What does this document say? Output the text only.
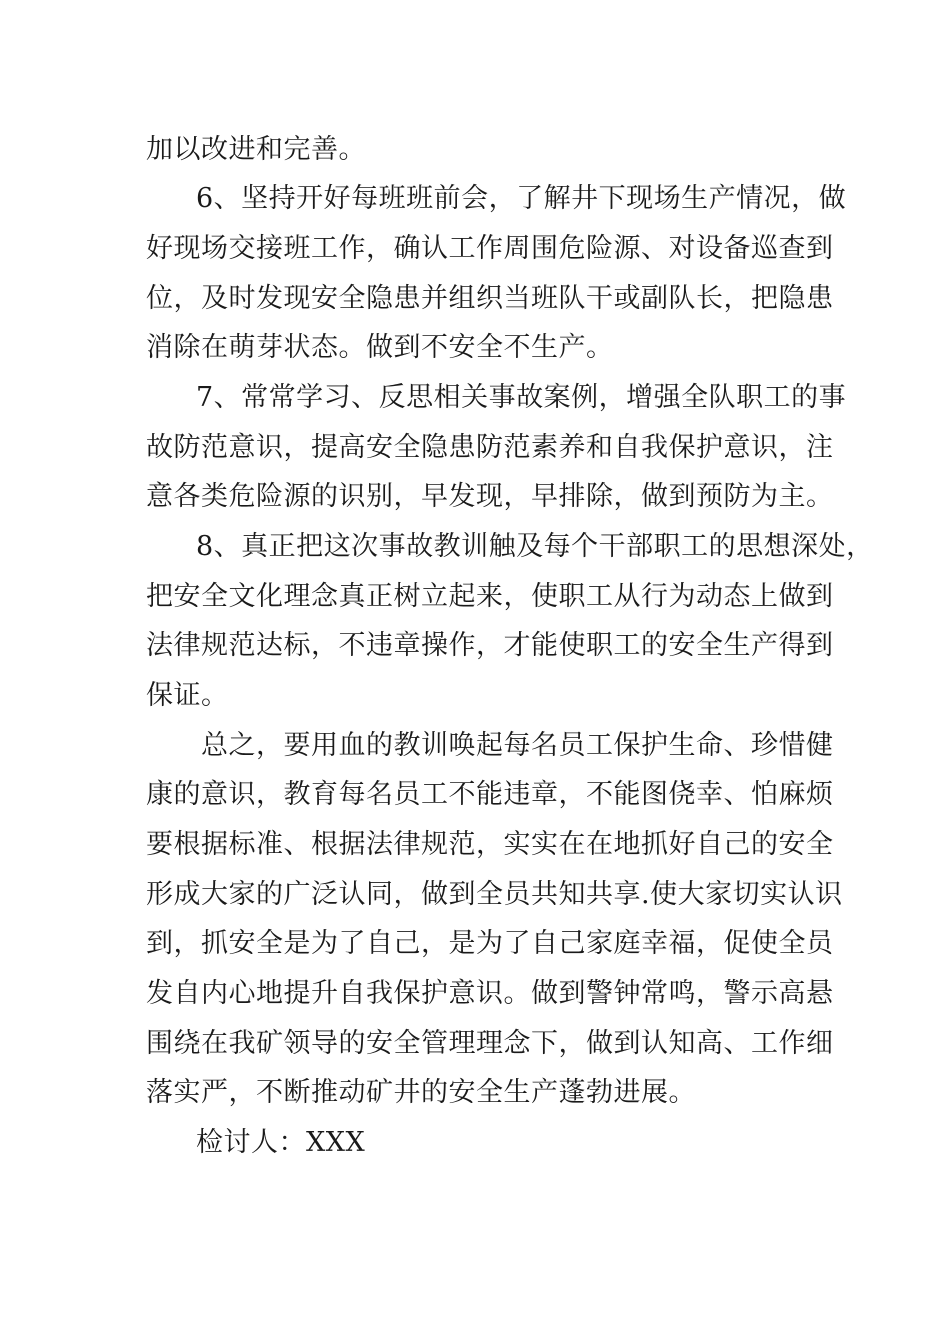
加以改进和完善。
6、坚持开好每班班前会，了解井下现场生产情况，做
好现场交接班工作，确认工作周围危险源、对设备巡查到
位，及时发现安全隐患并组织当班队干或副队长，把隐患
消除在萌芽状态。做到不安全不生产。
7、常常学习、反思相关事故案例，增强全队职工的事
故防范意识，提高安全隐患防范素养和自我保护意识，注
意各类危险源的识别，早发现，早排除，做到预防为主。
8、真正把这次事故教训触及每个干部职工的思想深处，
把安全文化理念真正树立起来，使职工从行为动态上做到
法律规范达标，不违章操作，才能使职工的安全生产得到
保证。
总之，要用血的教训唤起每名员工保护生命、珍惜健
康的意识，教育每名员工不能违章，不能图侥幸、怕麻烦
要根据标准、根据法律规范，实实在在地抓好自己的安全
形成大家的广泛认同，做到全员共知共享.使大家切实认识
到，抓安全是为了自己，是为了自己家庭幸福，促使全员
发自内心地提升自我保护意识。做到警钟常鸣，警示高悬
围绕在我矿领导的安全管理理念下，做到认知高、工作细
落实严，不断推动矿井的安全生产蓬勃进展。
检讨人：XXX
